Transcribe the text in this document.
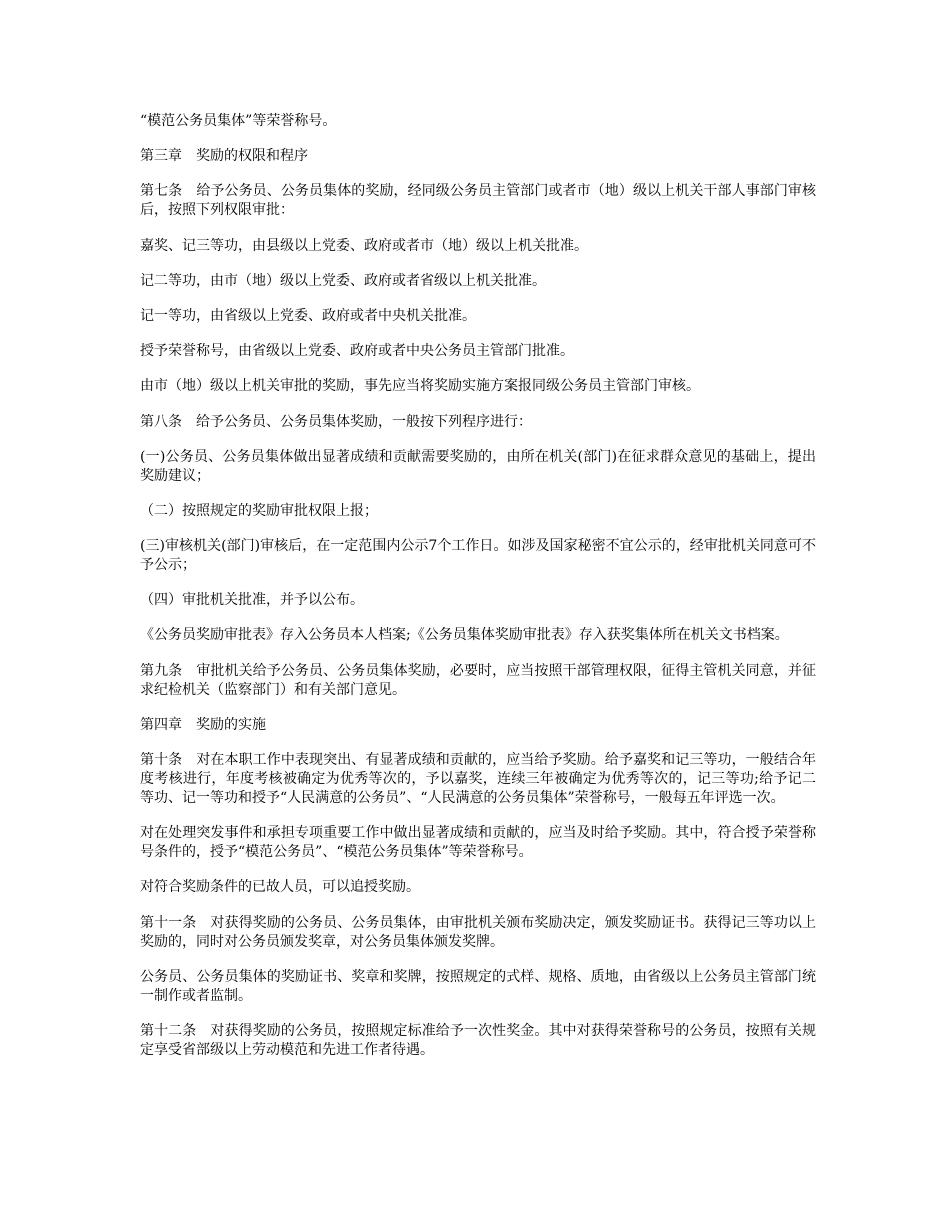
“模范公务员集体”等荣誉称号。

第三章　奖励的权限和程序

第七条　给予公务员、公务员集体的奖励，经同级公务员主管部门或者市（地）级以上机关干部人事部门审核后，按照下列权限审批：

嘉奖、记三等功，由县级以上党委、政府或者市（地）级以上机关批准。

记二等功，由市（地）级以上党委、政府或者省级以上机关批准。

记一等功，由省级以上党委、政府或者中央机关批准。

授予荣誉称号，由省级以上党委、政府或者中央公务员主管部门批准。

由市（地）级以上机关审批的奖励，事先应当将奖励实施方案报同级公务员主管部门审核。

第八条　给予公务员、公务员集体奖励，一般按下列程序进行：

(一)公务员、公务员集体做出显著成绩和贡献需要奖励的，由所在机关(部门)在征求群众意见的基础上，提出奖励建议；

（二）按照规定的奖励审批权限上报；

(三)审核机关(部门)审核后，在一定范围内公示7个工作日。如涉及国家秘密不宜公示的，经审批机关同意可不予公示；

（四）审批机关批准，并予以公布。

《公务员奖励审批表》存入公务员本人档案;《公务员集体奖励审批表》存入获奖集体所在机关文书档案。

第九条　审批机关给予公务员、公务员集体奖励，必要时，应当按照干部管理权限，征得主管机关同意，并征求纪检机关（监察部门）和有关部门意见。

第四章　奖励的实施

第十条　对在本职工作中表现突出、有显著成绩和贡献的，应当给予奖励。给予嘉奖和记三等功，一般结合年度考核进行，年度考核被确定为优秀等次的，予以嘉奖，连续三年被确定为优秀等次的，记三等功;给予记二等功、记一等功和授予“人民满意的公务员”、“人民满意的公务员集体”荣誉称号，一般每五年评选一次。

对在处理突发事件和承担专项重要工作中做出显著成绩和贡献的，应当及时给予奖励。其中，符合授予荣誉称号条件的，授予“模范公务员”、“模范公务员集体”等荣誉称号。

对符合奖励条件的已故人员，可以追授奖励。

第十一条　对获得奖励的公务员、公务员集体，由审批机关颁布奖励决定，颁发奖励证书。获得记三等功以上奖励的，同时对公务员颁发奖章，对公务员集体颁发奖牌。

公务员、公务员集体的奖励证书、奖章和奖牌，按照规定的式样、规格、质地，由省级以上公务员主管部门统一制作或者监制。

第十二条　对获得奖励的公务员，按照规定标准给予一次性奖金。其中对获得荣誉称号的公务员，按照有关规定享受省部级以上劳动模范和先进工作者待遇。
